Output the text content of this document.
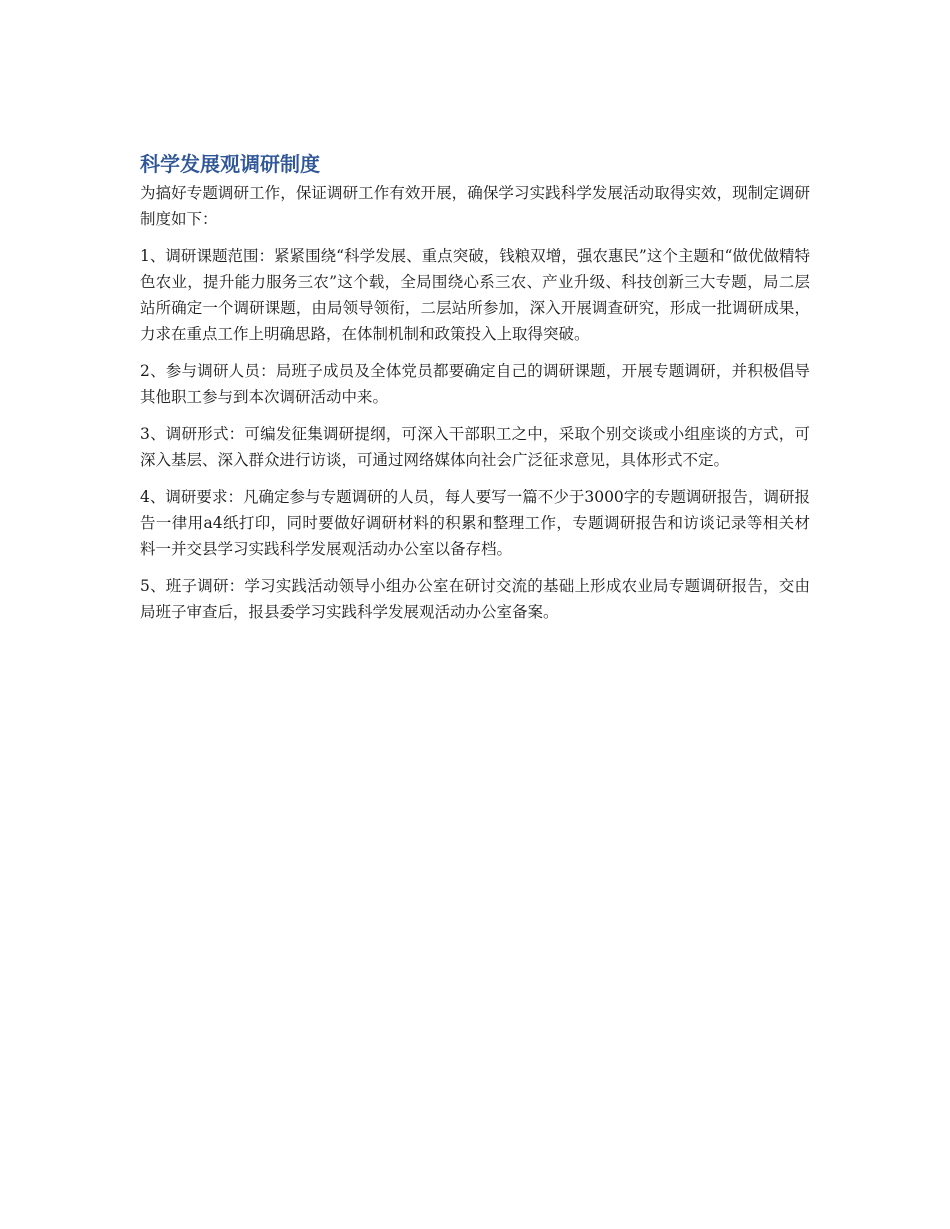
科学发展观调研制度

为搞好专题调研工作，保证调研工作有效开展，确保学习实践科学发展活动取得实效，现制定调研制度如下：

1、调研课题范围：紧紧围绕“科学发展、重点突破，钱粮双增，强农惠民”这个主题和“做优做精特色农业，提升能力服务三农”这个载，全局围绕心系三农、产业升级、科技创新三大专题，局二层站所确定一个调研课题，由局领导领衔，二层站所参加，深入开展调查研究，形成一批调研成果，力求在重点工作上明确思路，在体制机制和政策投入上取得突破。

2、参与调研人员：局班子成员及全体党员都要确定自己的调研课题，开展专题调研，并积极倡导其他职工参与到本次调研活动中来。

3、调研形式：可编发征集调研提纲，可深入干部职工之中，采取个别交谈或小组座谈的方式，可深入基层、深入群众进行访谈，可通过网络媒体向社会广泛征求意见，具体形式不定。

4、调研要求：凡确定参与专题调研的人员，每人要写一篇不少于3000字的专题调研报告，调研报告一律用a4纸打印，同时要做好调研材料的积累和整理工作，专题调研报告和访谈记录等相关材料一并交县学习实践科学发展观活动办公室以备存档。

5、班子调研：学习实践活动领导小组办公室在研讨交流的基础上形成农业局专题调研报告，交由局班子审查后，报县委学习实践科学发展观活动办公室备案。
